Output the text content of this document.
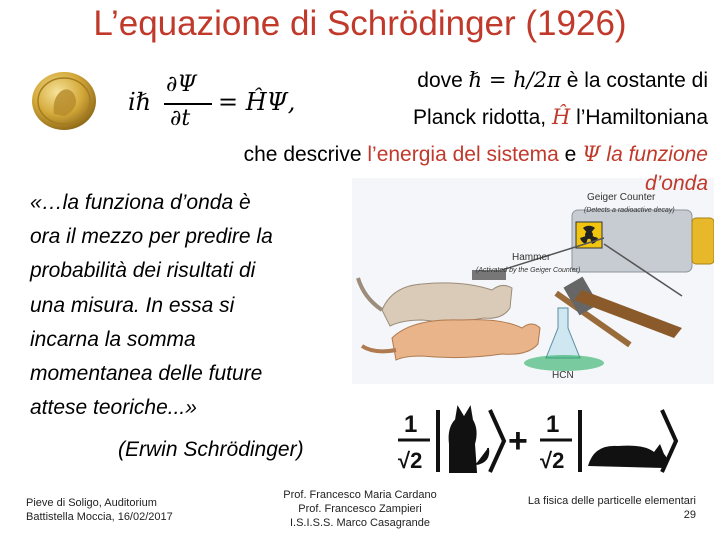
L’equazione di Schrödinger (1926)
iℏ
∂Ψ
∂t
= ĤΨ,
dove ℏ = h/2π è la costante di
Planck ridotta, Ĥ l’Hamiltoniana
che descrive l’energia del sistema e Ψ la funzione
Geiger Counter
(Detects a radioactive decay)
Hammer
(Activated by the Geiger Counter)
HCN
d’onda
«…la funziona d’onda è
ora il mezzo per predire la
probabilità dei risultati di
una misura. In essa si
incarna la somma
momentanea delle future
attese teoriche...»
(Erwin Schrödinger)
1
√2
+ 1
√2
Pieve di Soligo, Auditorium
Battistella Moccia, 16/02/2017
Prof. Francesco Maria Cardano
Prof. Francesco Zampieri
I.S.I.S.S. Marco Casagrande
La fisica delle particelle elementari
29
